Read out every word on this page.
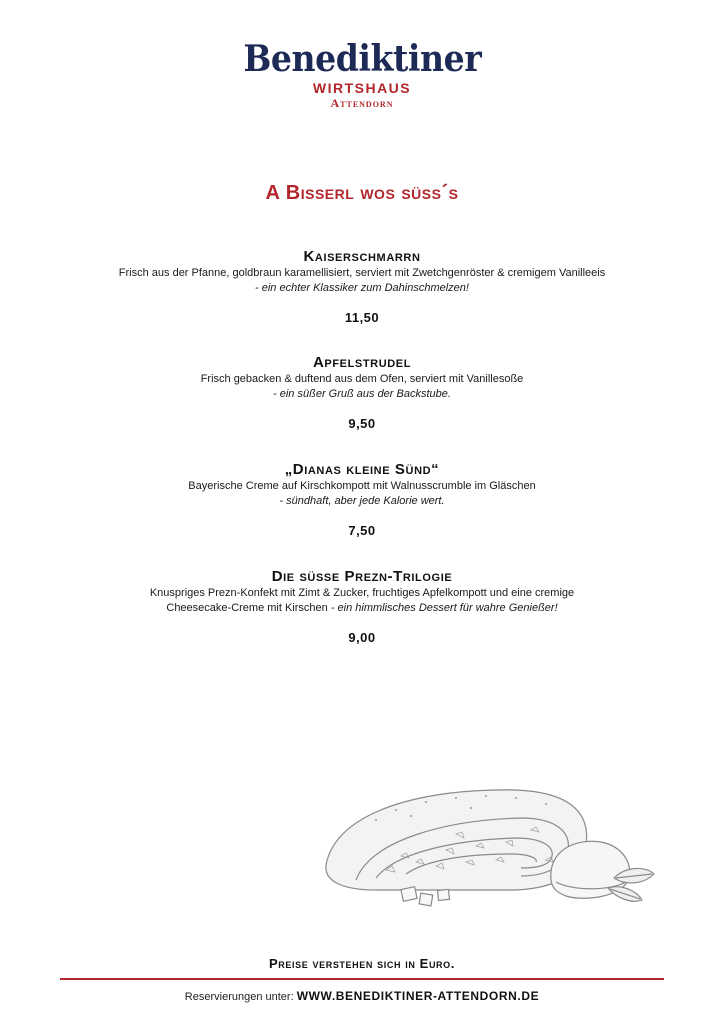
Benediktiner
WIRTSHAUS
Attendorn
A Bisserl wos süss´s
Kaiserschmarrn
Frisch aus der Pfanne, goldbraun karamellisiert, serviert mit Zwetchgenröster & cremigem Vanilleeis
- ein echter Klassiker zum Dahinschmelzen!
11,50
Apfelstrudel
Frisch gebacken & duftend aus dem Ofen, serviert mit Vanillesoße
- ein süßer Gruß aus der Backstube.
9,50
„Dianas kleine Sünd“
Bayerische Creme auf Kirschkompott mit Walnusscrumble im Gläschen
- sündhaft, aber jede Kalorie wert.
7,50
Die süsse Prezn-Trilogie
Knuspriges Prezn-Konfekt mit Zimt & Zucker, fruchtiges Apfelkompott und eine cremige
Cheesecake-Creme mit Kirschen - ein himmlisches Dessert für wahre Genießer!
9,00
Preise verstehen sich in Euro.
Reservierungen unter: WWW.BENEDIKTINER-ATTENDORN.DE
